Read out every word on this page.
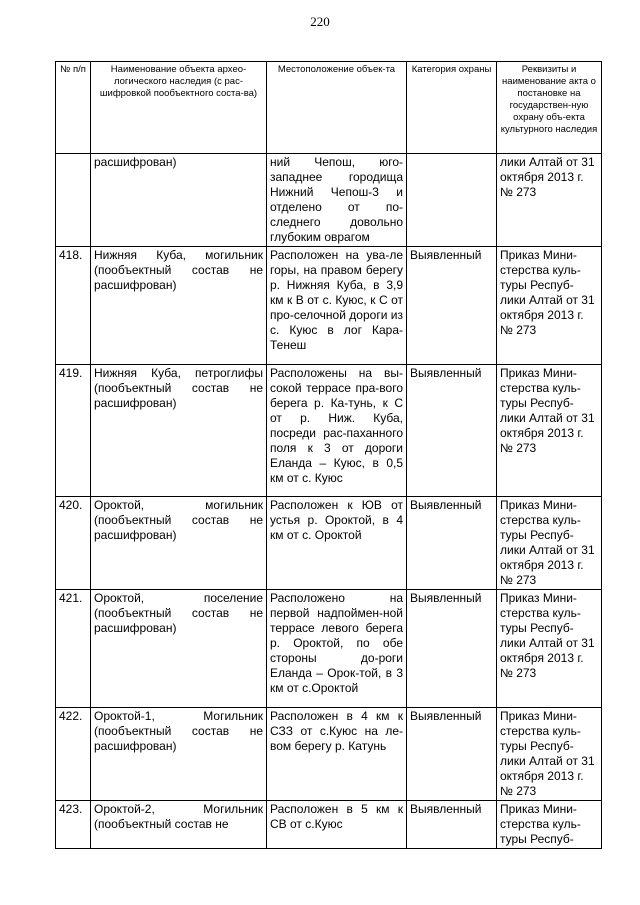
220
№ п/п	Наименование объекта архео-логического наследия (с рас-шифровкой пообъектного соста-ва)	Местоположение объек-та	Категория охраны	Реквизиты и наименование акта о постановке на государствен-ную охрану объ-екта культурного наследия
	расшифрован)	ний Чепош, юго-западнее городища Нижний Чепош-3 и отделено от по-следнего довольно глубоким оврагом		лики Алтай от 31 октября 2013 г. № 273
418.	Нижняя Куба, могильник (пообъектный состав не расшифрован)	Расположен на ува-ле горы, на правом берегу р. Нижняя Куба, в 3,9 км к В от с. Куюс, к С от про-селочной дороги из с. Куюс в лог Кара-Тенеш	Выявленный	Приказ Мини-стерства куль-туры Респуб-лики Алтай от 31 октября 2013 г. № 273
419.	Нижняя Куба, петроглифы (пообъектный состав не расшифрован)	Расположены на вы-сокой террасе пра-вого берега р. Ка-тунь, к С от р. Ниж. Куба, посреди рас-паханного поля к 3 от дороги Еланда – Куюс, в 0,5 км от с. Куюс	Выявленный	Приказ Мини-стерства куль-туры Респуб-лики Алтай от 31 октября 2013 г. № 273
420.	Ороктой, могильник (пообъектный состав не расшифрован)	Расположен к ЮВ от устья р. Ороктой, в 4 км от с. Ороктой	Выявленный	Приказ Мини-стерства куль-туры Респуб-лики Алтай от 31 октября 2013 г. № 273
421.	Ороктой, поселение (пообъектный состав не расшифрован)	Расположено на первой надпоймен-ной террасе левого берега р. Ороктой, по обе стороны до-роги Еланда – Орок-той, в 3 км от с.Ороктой	Выявленный	Приказ Мини-стерства куль-туры Респуб-лики Алтай от 31 октября 2013 г. № 273
422.	Ороктой-1, Могильник (пообъектный состав не расшифрован)	Расположен в 4 км к СЗЗ от с.Куюс на ле-вом берегу р. Катунь	Выявленный	Приказ Мини-стерства куль-туры Респуб-лики Алтай от 31 октября 2013 г. № 273
423.	Ороктой-2, Могильник (пообъектный состав не	Расположен в 5 км к СВ от с.Куюс	Выявленный	Приказ Мини-стерства куль-туры Респуб-
